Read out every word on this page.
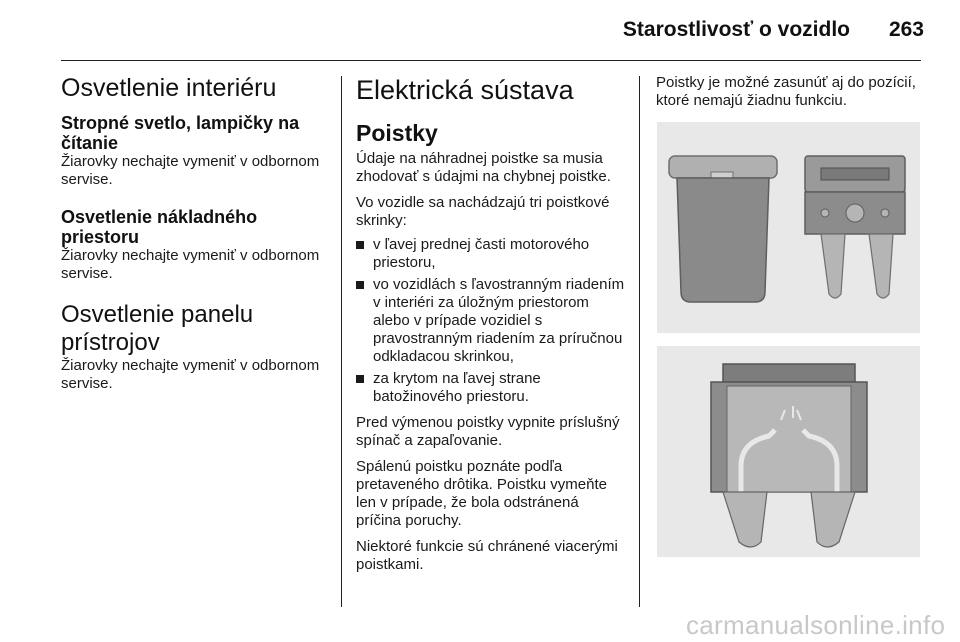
Starostlivosť o vozidlo	263
Osvetlenie interiéru
Stropné svetlo, lampičky na čítanie
Žiarovky nechajte vymeniť v odbornom servise.
Osvetlenie nákladného priestoru
Žiarovky nechajte vymeniť v odbornom servise.
Osvetlenie panelu prístrojov
Žiarovky nechajte vymeniť v odbornom servise.
Elektrická sústava
Poistky
Údaje na náhradnej poistke sa musia zhodovať s údajmi na chybnej poistke.
Vo vozidle sa nachádzajú tri poistkové skrinky:
v ľavej prednej časti motorového priestoru,
vo vozidlách s ľavostranným riadením v interiéri za úložným priestorom alebo v prípade vozidiel s pravostranným riadením za príručnou odkladacou skrinkou,
za krytom na ľavej strane batožinového priestoru.
Pred výmenou poistky vypnite príslušný spínač a zapaľovanie.
Spálenú poistku poznáte podľa pretaveného drôtika. Poistku vymeňte len v prípade, že bola odstránená príčina poruchy.
Niektoré funkcie sú chránené viacerými poistkami.
Poistky je možné zasunúť aj do pozícií, ktoré nemajú žiadnu funkciu.
carmanualsonline.info
